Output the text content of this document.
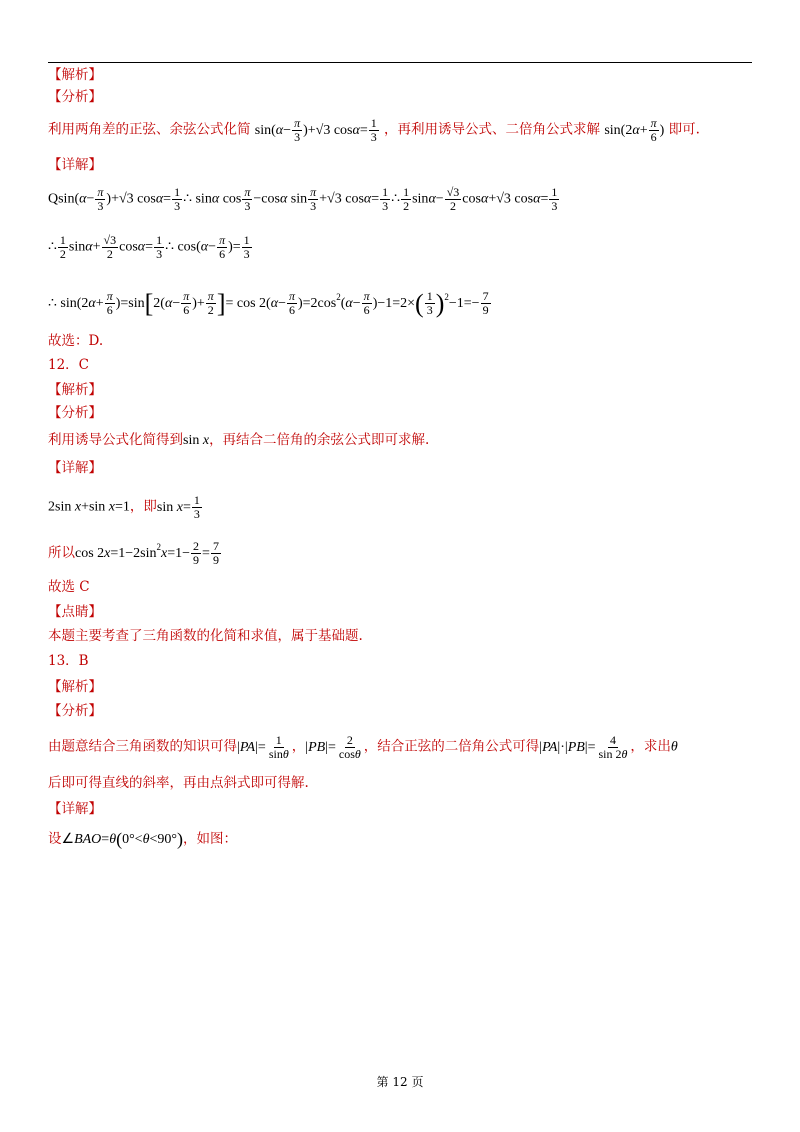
【解析】
【分析】
利用两角差的正弦、余弦公式化简 $\sin(\alpha- \frac{\pi}{3} )+√3$ $\cos\alpha= \frac{1}{3}$ ，再利用诱导公式、二倍角公式求解 $\sin(2\alpha+ \frac{\pi}{6}$ ) 即可.
【详解】
$Qsin(\alpha- \frac{\pi}{3} )+√3$ $\cos\alpha= \frac{1}{3}$ ∴ sinα $\cos \frac{\pi}{3} -\cos\alpha$ $\sin \frac{\pi}{3} +√3$ $\cos\alpha= \frac{1}{3}$ ∴ $\frac{1}{2} \sin\alpha- \frac{√3}{2} \cos\alpha+√3$ $\cos\alpha= \frac{1}{3}$
∴ $\frac{1}{2} \sin\alpha+ \frac{√3}{2} \cos\alpha= \frac{1}{3}$ ∴ $\cos(\alpha- \frac{\pi}{6}$ )= $\frac{1}{3}$
∴ $\sin(2\alpha+ \frac{\pi}{6} )=\sin[2(\alpha- \frac{\pi}{6}$ )+ $\frac{\pi}{2}$ ]= $\cos 2(\alpha- \frac{\pi}{6} )=2\cos^2(\alpha- \frac{\pi}{6} )-1=2\times( \frac{1}{3} )^2-1=- \frac{7}{9}$
故选：D.
12．C
【解析】
【分析】
利用诱导公式化简得到sin x，再结合二倍角的余弦公式即可求解.
【详解】
2sin x+sin x=1，即$\sin x= \frac{1}{3}$
所以$\cos 2x=1-2\sin^2x=1- \frac{2}{9} = \frac{7}{9}$
故选 C
【点睛】
本题主要考查了三角函数的化简和求值，属于基础题.
13．B
【解析】
【分析】
由题意结合三角函数的知识可得$|PA|= \frac{1}{\sin\theta}$ ，$|PB|= \frac{2}{\cos\theta}$ ，结合正弦的二倍角公式可得$|PA|\cdot|PB|= \frac{4}{\sin 2\theta}$ ，求出θ
后即可得直线的斜率，再由点斜式即可得解.
【详解】
设∠BAO=θ(0°<θ<90°)，如图：
第 12 页
